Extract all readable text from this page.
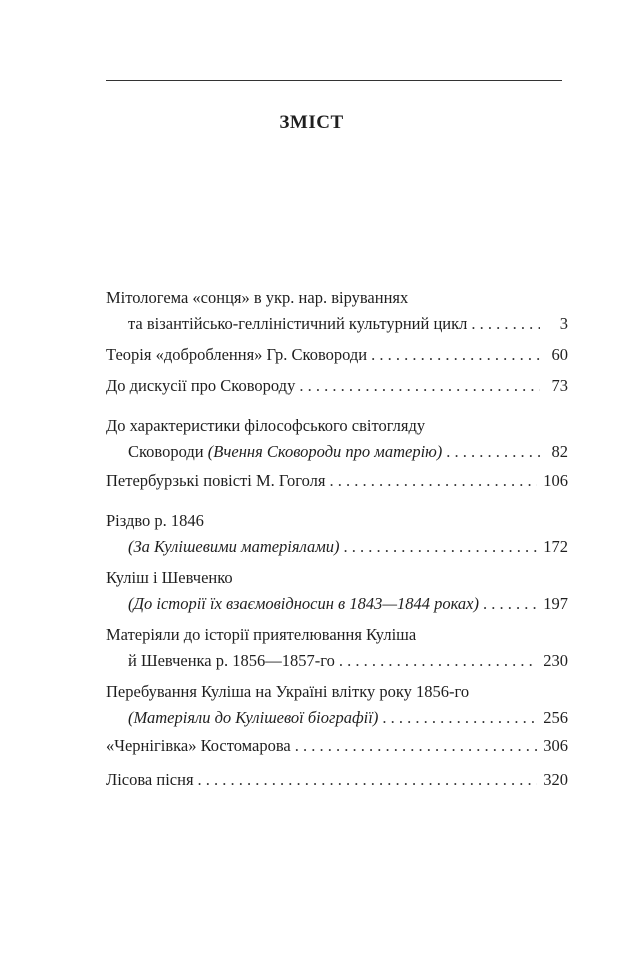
ЗМІСТ
Мітологема «сонця» в укр. нар. віруваннях
та візантійсько-гелліністичний культурний цикл . . .	3
Теорія «доброблення» Гр. Сковороди . . .	60
До дискусії про Сковороду . . .	73
До характеристики філософського світогляду
Сковороди (Вчення Сковороди про матерію) . . .	82
Петербурзькі повісті М. Гоголя . . .	106
Різдво р. 1846
(За Кулішевими матеріялами) . . .	172
Куліш і Шевченко
(До історії їх взаємовідносин в 1843—1844 роках) . . .	197
Матеріяли до історії приятелювання Куліша
й Шевченка р. 1856—1857-го . . .	230
Перебування Куліша на Україні влітку року 1856-го
(Матеріяли до Кулішевої біографії) . . .	256
«Чернігівка» Костомарова . . .	306
Лісова пісня . . .	320
